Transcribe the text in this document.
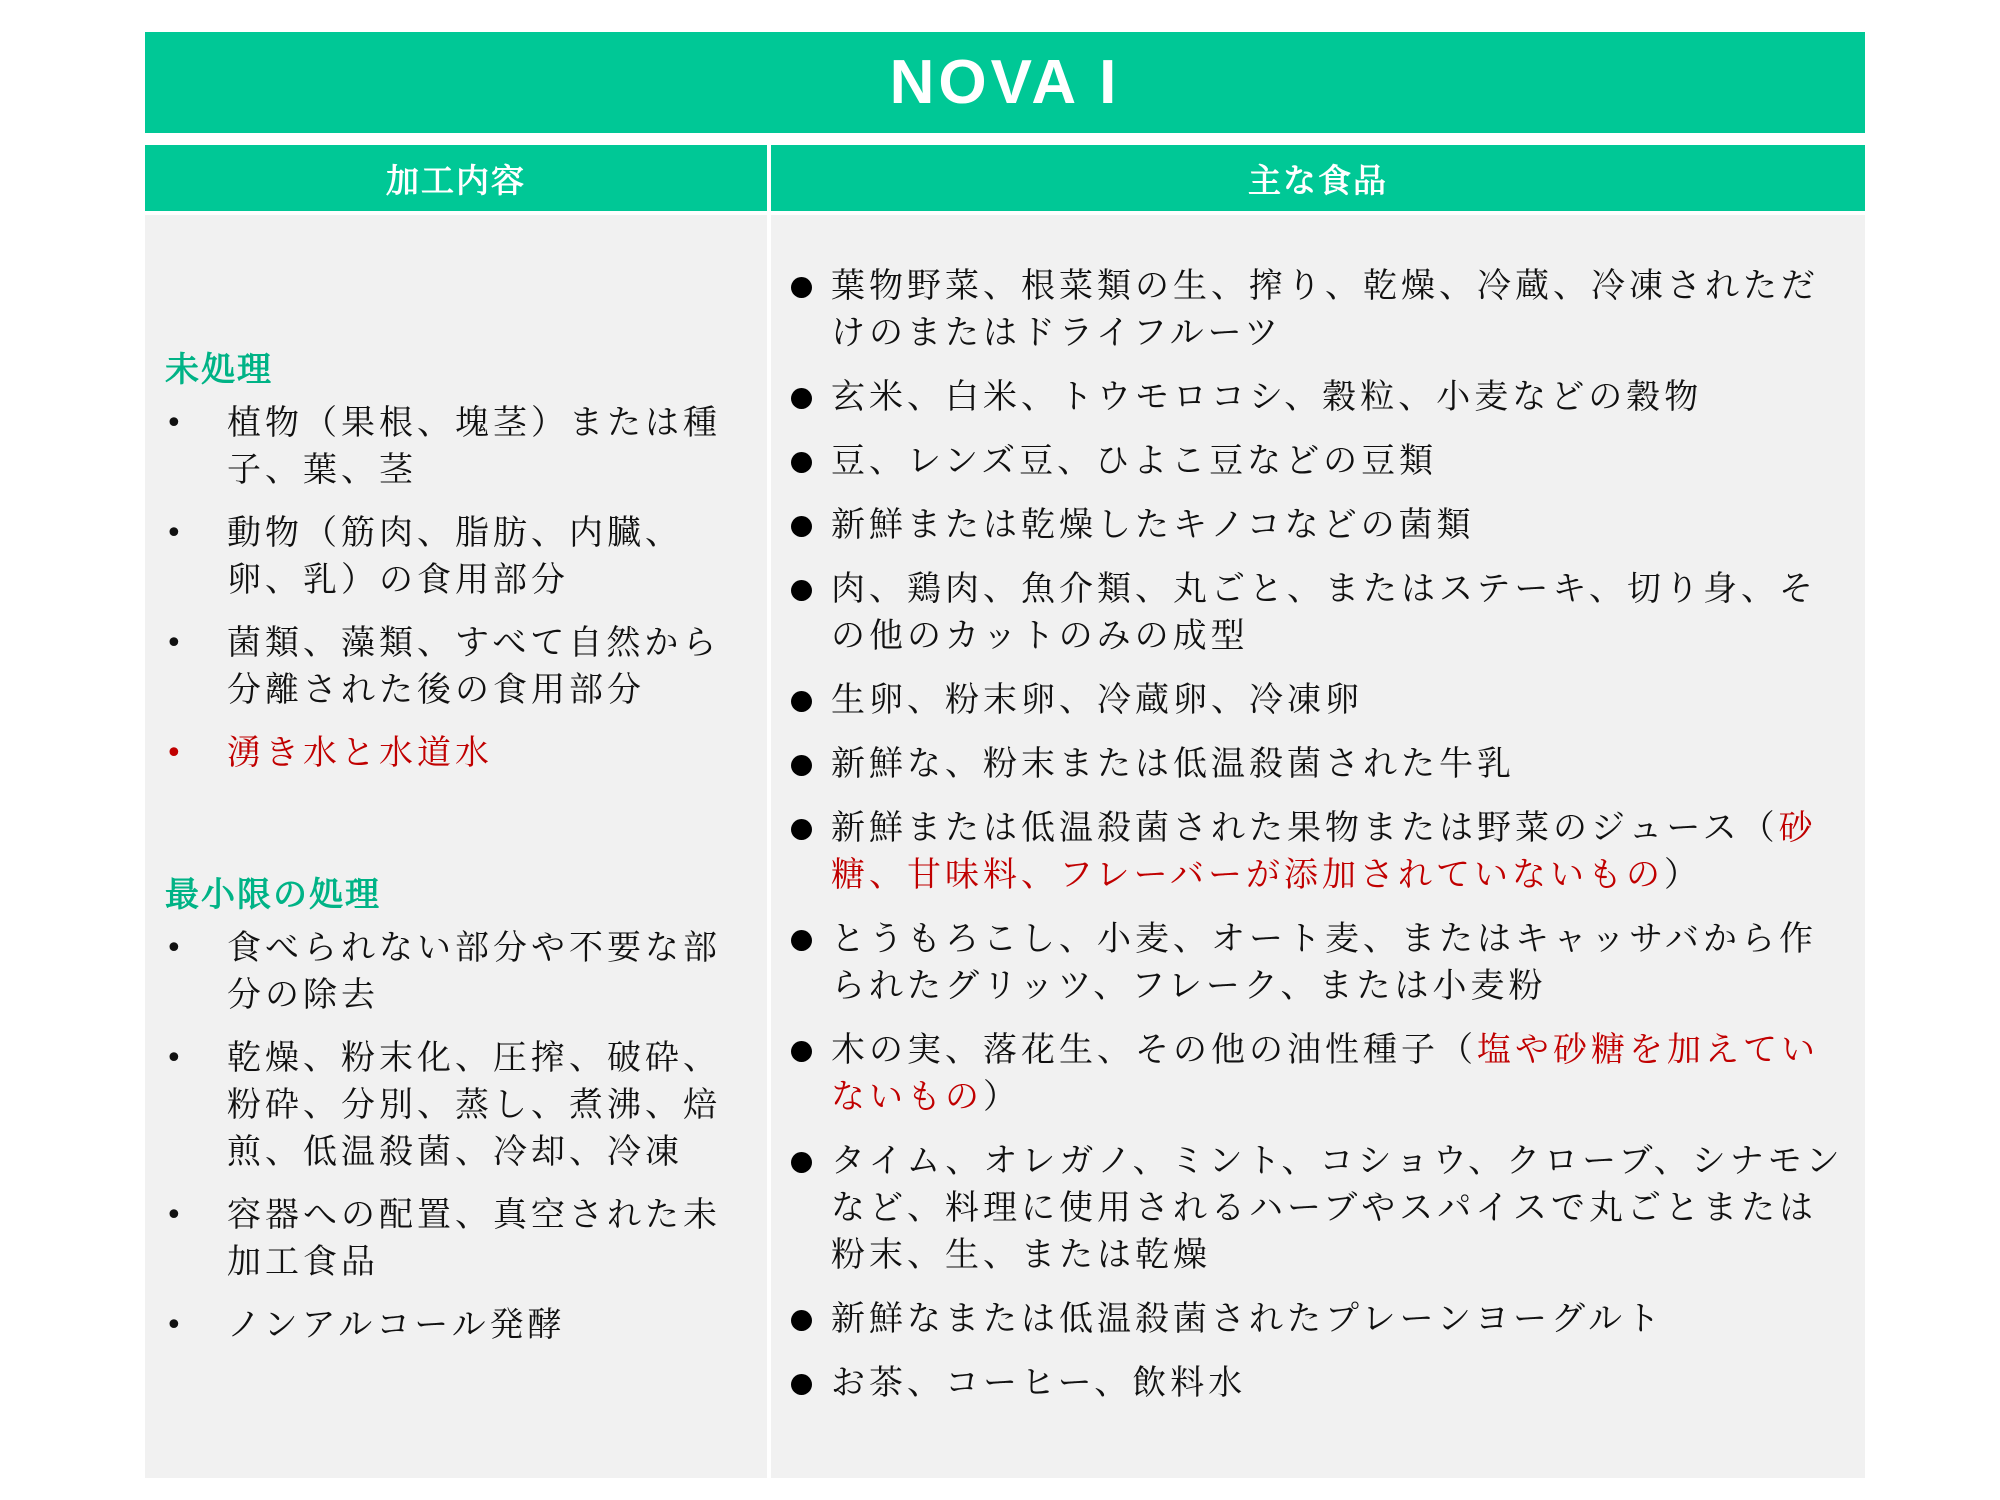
NOVA I
加工内容	主な食品
未処理
• 植物（果根、塊茎）または種子、葉、茎
• 動物（筋肉、脂肪、内臓、卵、乳）の食用部分
• 菌類、藻類、すべて自然から分離された後の食用部分
• 湧き水と水道水
最小限の処理
• 食べられない部分や不要な部分の除去
• 乾燥、粉末化、圧搾、破砕、粉砕、分別、蒸し、煮沸、焙煎、低温殺菌、冷却、冷凍
• 容器への配置、真空された未加工食品
• ノンアルコール発酵
葉物野菜、根菜類の生、搾り、乾燥、冷蔵、冷凍されただけのまたはドライフルーツ
玄米、白米、トウモロコシ、穀粒、小麦などの穀物
豆、レンズ豆、ひよこ豆などの豆類
新鮮または乾燥したキノコなどの菌類
肉、鶏肉、魚介類、丸ごと、またはステーキ、切り身、その他のカットのみの成型
生卵、粉末卵、冷蔵卵、冷凍卵
新鮮な、粉末または低温殺菌された牛乳
新鮮または低温殺菌された果物または野菜のジュース（砂糖、甘味料、フレーバーが添加されていないもの）
とうもろこし、小麦、オート麦、またはキャッサバから作られたグリッツ、フレーク、または小麦粉
木の実、落花生、その他の油性種子（塩や砂糖を加えていないもの）
タイム、オレガノ、ミント、コショウ、クローブ、シナモンなど、料理に使用されるハーブやスパイスで丸ごとまたは粉末、生、または乾燥
新鮮なまたは低温殺菌されたプレーンヨーグルト
お茶、コーヒー、飲料水
